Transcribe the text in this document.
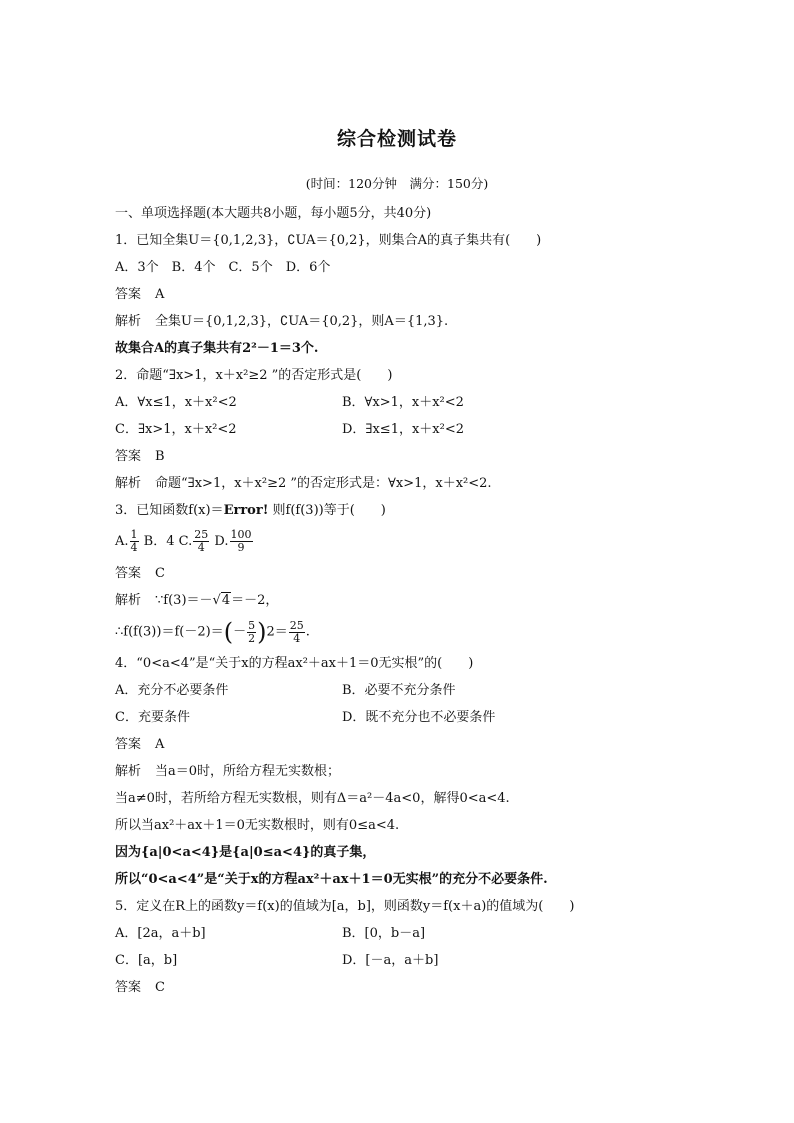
综合检测试卷
(时间：120分钟　满分：150分)
一、单项选择题(本大题共8小题，每小题5分，共40分)
1．已知全集U＝{0,1,2,3}，∁UA＝{0,2}，则集合A的真子集共有(　　)
A．3个　B．4个　C．5个　D．6个
答案 A
解析 全集U＝{0,1,2,3}，∁UA＝{0,2}，则A＝{1,3}.
故集合A的真子集共有2²－1＝3个.
2．命题“∃x>1，x＋x²≥2 ”的否定形式是(　　)
A．∀x≤1，x＋x²<2	B．∀x>1，x＋x²<2
C．∃x>1，x＋x²<2	D．∃x≤1，x＋x²<2
答案 B
解析 命题“∃x>1，x＋x²≥2 ”的否定形式是：∀x>1，x＋x²<2.
3．已知函数f(x)＝Error! 则f(f(3))等于(　　)
A. $\frac{1}{4}$ B．4 C. $\frac{25}{4} D$. $\frac{100}{9}$
答案 C
解析 ∵f(3)＝－√4＝－2，
∴f(f(3))＝f(－2)＝(－ $\frac{5}{2} )2= \frac{25}{4}$ .
4．“0<a<4”是“关于x的方程ax²＋ax＋1＝0无实根”的(　　)
A．充分不必要条件	B．必要不充分条件
C．充要条件	D．既不充分也不必要条件
答案 A
解析 当a＝0时，所给方程无实数根；
当a≠0时，若所给方程无实数根，则有Δ＝a²－4a<0，解得0<a<4.
所以当ax²＋ax＋1＝0无实数根时，则有0≤a<4.
因为{a|0<a<4}是{a|0≤a<4}的真子集，
所以“0<a<4”是“关于x的方程ax²＋ax＋1＝0无实根”的充分不必要条件.
5．定义在R上的函数y＝f(x)的值域为[a，b]，则函数y＝f(x＋a)的值域为(　　)
A．[2a，a＋b]	B．[0，b－a]
C．[a，b]	D．[－a，a＋b]
答案 C
